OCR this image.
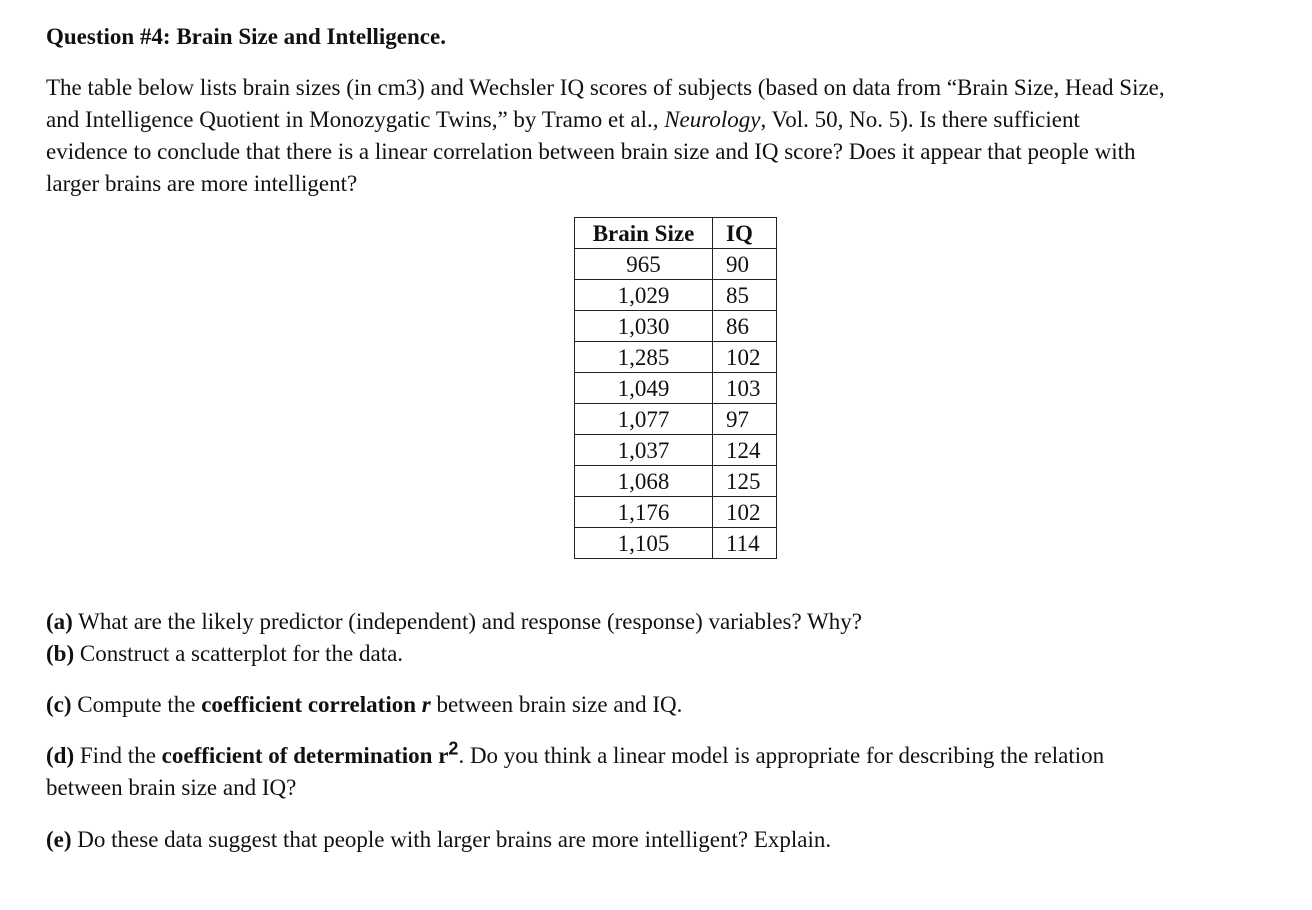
Question #4: Brain Size and Intelligence.
The table below lists brain sizes (in cm3) and Wechsler IQ scores of subjects (based on data from “Brain Size, Head Size,
and Intelligence Quotient in Monozygatic Twins,” by Tramo et al., Neurology, Vol. 50, No. 5). Is there sufficient
evidence to conclude that there is a linear correlation between brain size and IQ score? Does it appear that people with
larger brains are more intelligent?
Brain Size	IQ
965	90
1,029	85
1,030	86
1,285	102
1,049	103
1,077	97
1,037	124
1,068	125
1,176	102
1,105	114
(a) What are the likely predictor (independent) and response (response) variables? Why?
(b) Construct a scatterplot for the data.
(c) Compute the coefficient correlation r between brain size and IQ.
(d) Find the coefficient of determination $r^2$. Do you think a linear model is appropriate for describing the relation
between brain size and IQ?
(e) Do these data suggest that people with larger brains are more intelligent? Explain.
